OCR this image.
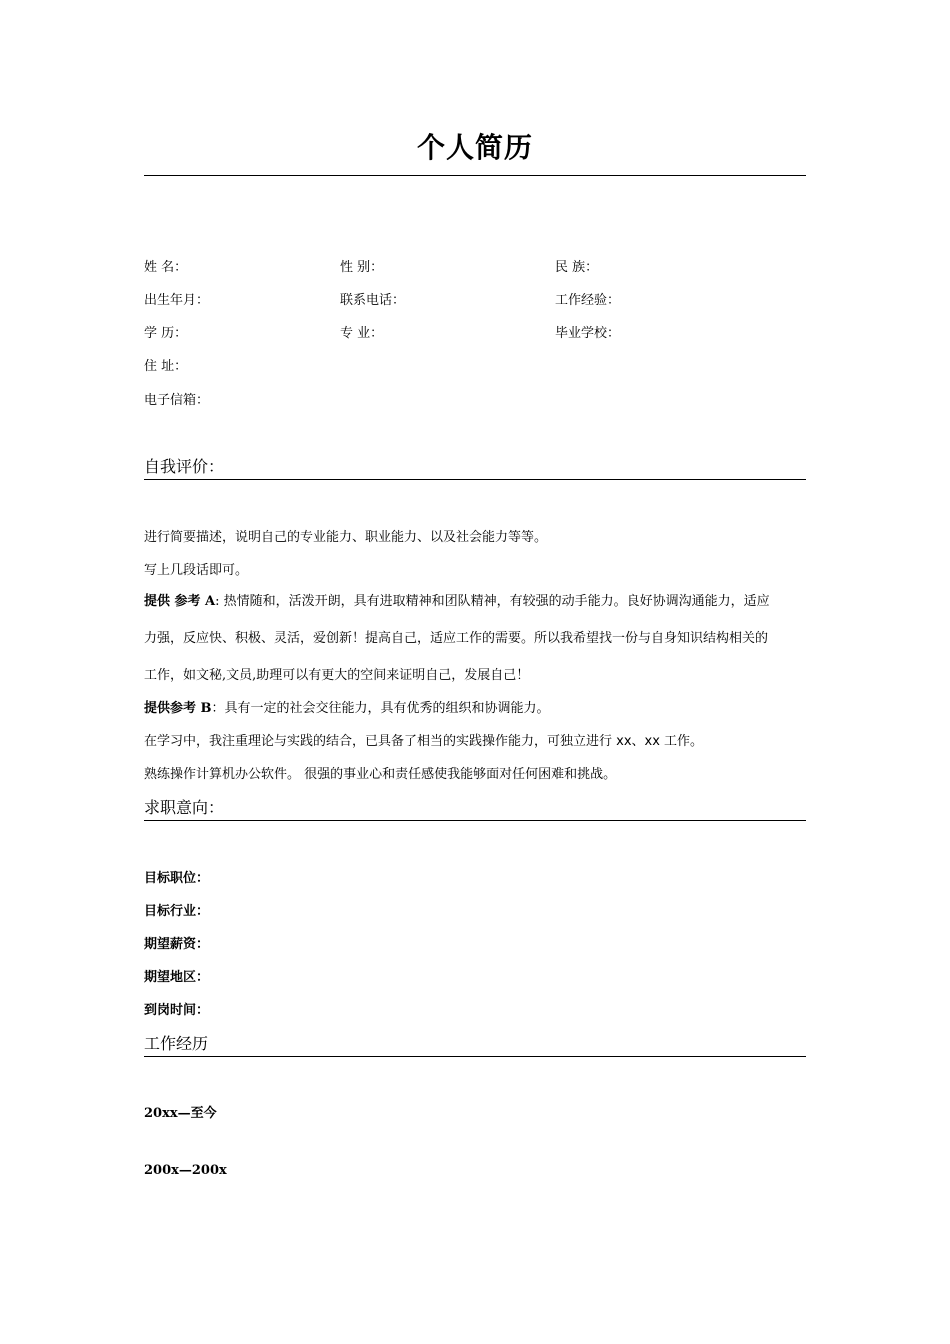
个人简历
姓 名：	性 别：	民 族：
出生年月：	联系电话：	工作经验：
学 历：	专 业：	毕业学校：
住 址：
电子信箱：
自我评价：
进行简要描述，说明自己的专业能力、职业能力、以及社会能力等等。
写上几段话即可。
提供 参考 A: 热情随和，活泼开朗，具有进取精神和团队精神，有较强的动手能力。良好协调沟通能力，适应
力强，反应快、积极、灵活，爱创新！提高自己，适应工作的需要。所以我希望找一份与自身知识结构相关的
工作，如文秘,文员,助理可以有更大的空间来证明自己，发展自己！
提供参考 B：具有一定的社会交往能力，具有优秀的组织和协调能力。
在学习中，我注重理论与实践的结合，已具备了相当的实践操作能力，可独立进行 xx、xx 工作。
熟练操作计算机办公软件。 很强的事业心和责任感使我能够面对任何困难和挑战。
求职意向：
目标职位：
目标行业：
期望薪资：
期望地区：
到岗时间：
工作经历
20xx—至今
200x—200x
